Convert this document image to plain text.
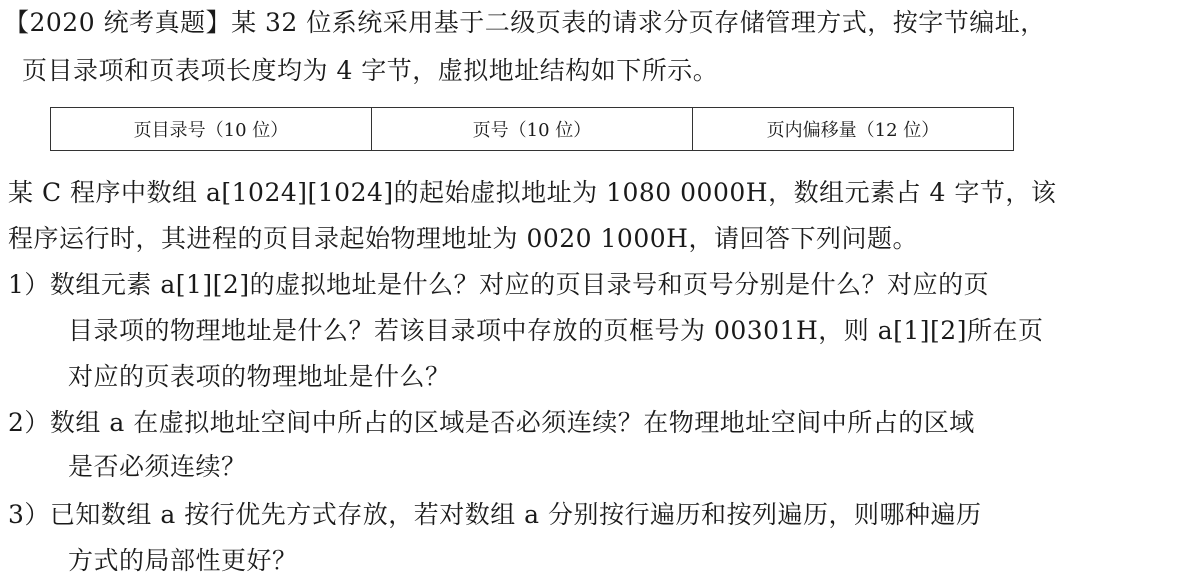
【2020 统考真题】某 32 位系统采用基于二级页表的请求分页存储管理方式，按字节编址，
页目录项和页表项长度均为 4 字节，虚拟地址结构如下所示。
页目录号（10 位）	页号（10 位）	页内偏移量（12 位）
某 C 程序中数组 a[1024][1024]的起始虚拟地址为 1080 0000H，数组元素占 4 字节，该
程序运行时，其进程的页目录起始物理地址为 0020 1000H，请回答下列问题。
1）数组元素 a[1][2]的虚拟地址是什么？对应的页目录号和页号分别是什么？对应的页
目录项的物理地址是什么？若该目录项中存放的页框号为 00301H，则 a[1][2]所在页
对应的页表项的物理地址是什么？
2）数组 a 在虚拟地址空间中所占的区域是否必须连续？在物理地址空间中所占的区域
是否必须连续？
3）已知数组 a 按行优先方式存放，若对数组 a 分别按行遍历和按列遍历，则哪种遍历
方式的局部性更好？
